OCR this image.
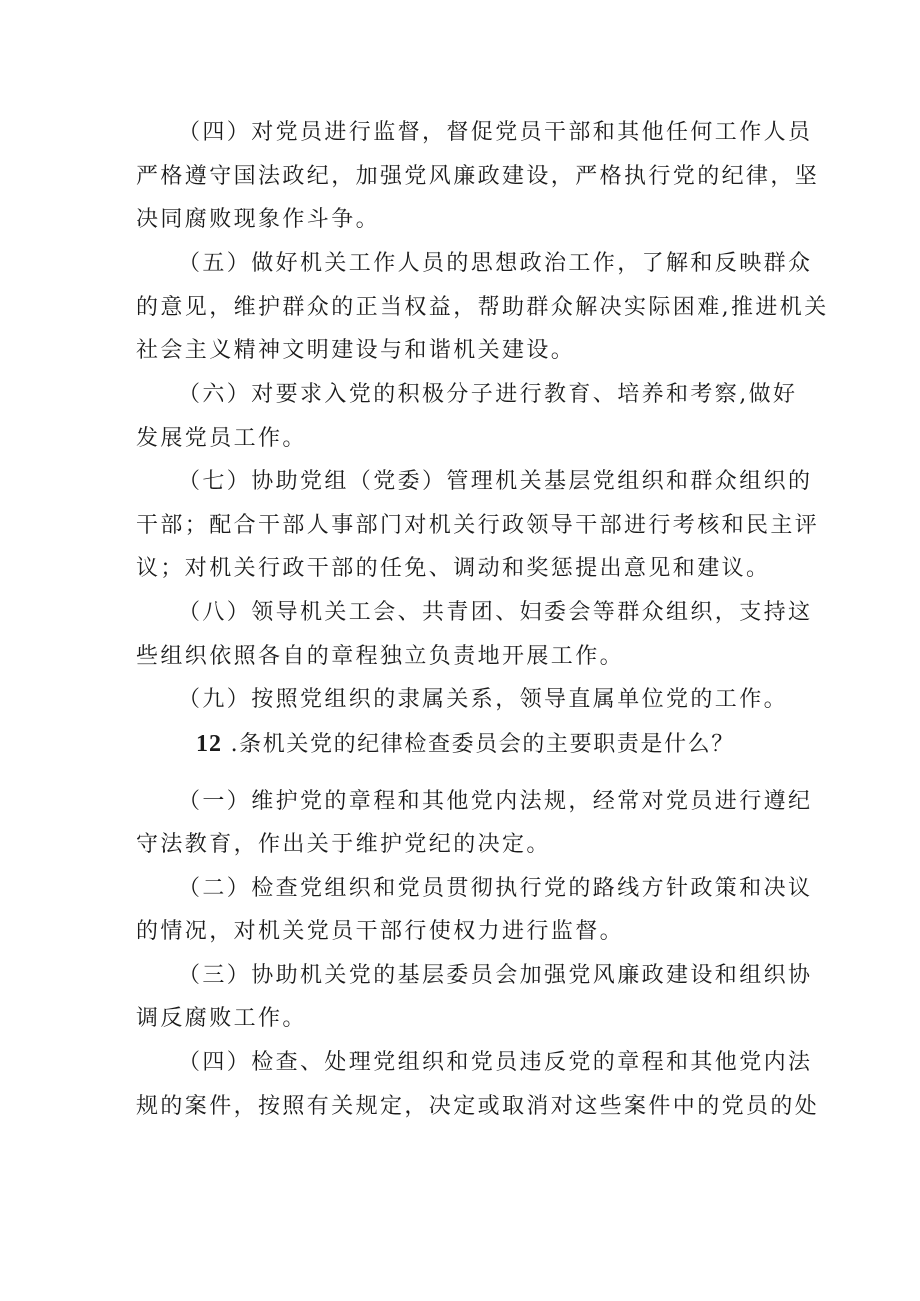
（四）对党员进行监督，督促党员干部和其他任何工作人员
严格遵守国法政纪，加强党风廉政建设，严格执行党的纪律，坚
决同腐败现象作斗争。
（五）做好机关工作人员的思想政治工作，了解和反映群众
的意见，维护群众的正当权益，帮助群众解决实际困难,推进机关
社会主义精神文明建设与和谐机关建设。
（六）对要求入党的积极分子进行教育、培养和考察,做好
发展党员工作。
（七）协助党组（党委）管理机关基层党组织和群众组织的
干部；配合干部人事部门对机关行政领导干部进行考核和民主评
议；对机关行政干部的任免、调动和奖惩提出意见和建议。
（八）领导机关工会、共青团、妇委会等群众组织，支持这
些组织依照各自的章程独立负责地开展工作。
（九）按照党组织的隶属关系，领导直属单位党的工作。
12 .条机关党的纪律检查委员会的主要职责是什么？
（一）维护党的章程和其他党内法规，经常对党员进行遵纪
守法教育，作出关于维护党纪的决定。
（二）检查党组织和党员贯彻执行党的路线方针政策和决议
的情况，对机关党员干部行使权力进行监督。
（三）协助机关党的基层委员会加强党风廉政建设和组织协
调反腐败工作。
（四）检查、处理党组织和党员违反党的章程和其他党内法
规的案件，按照有关规定，决定或取消对这些案件中的党员的处
